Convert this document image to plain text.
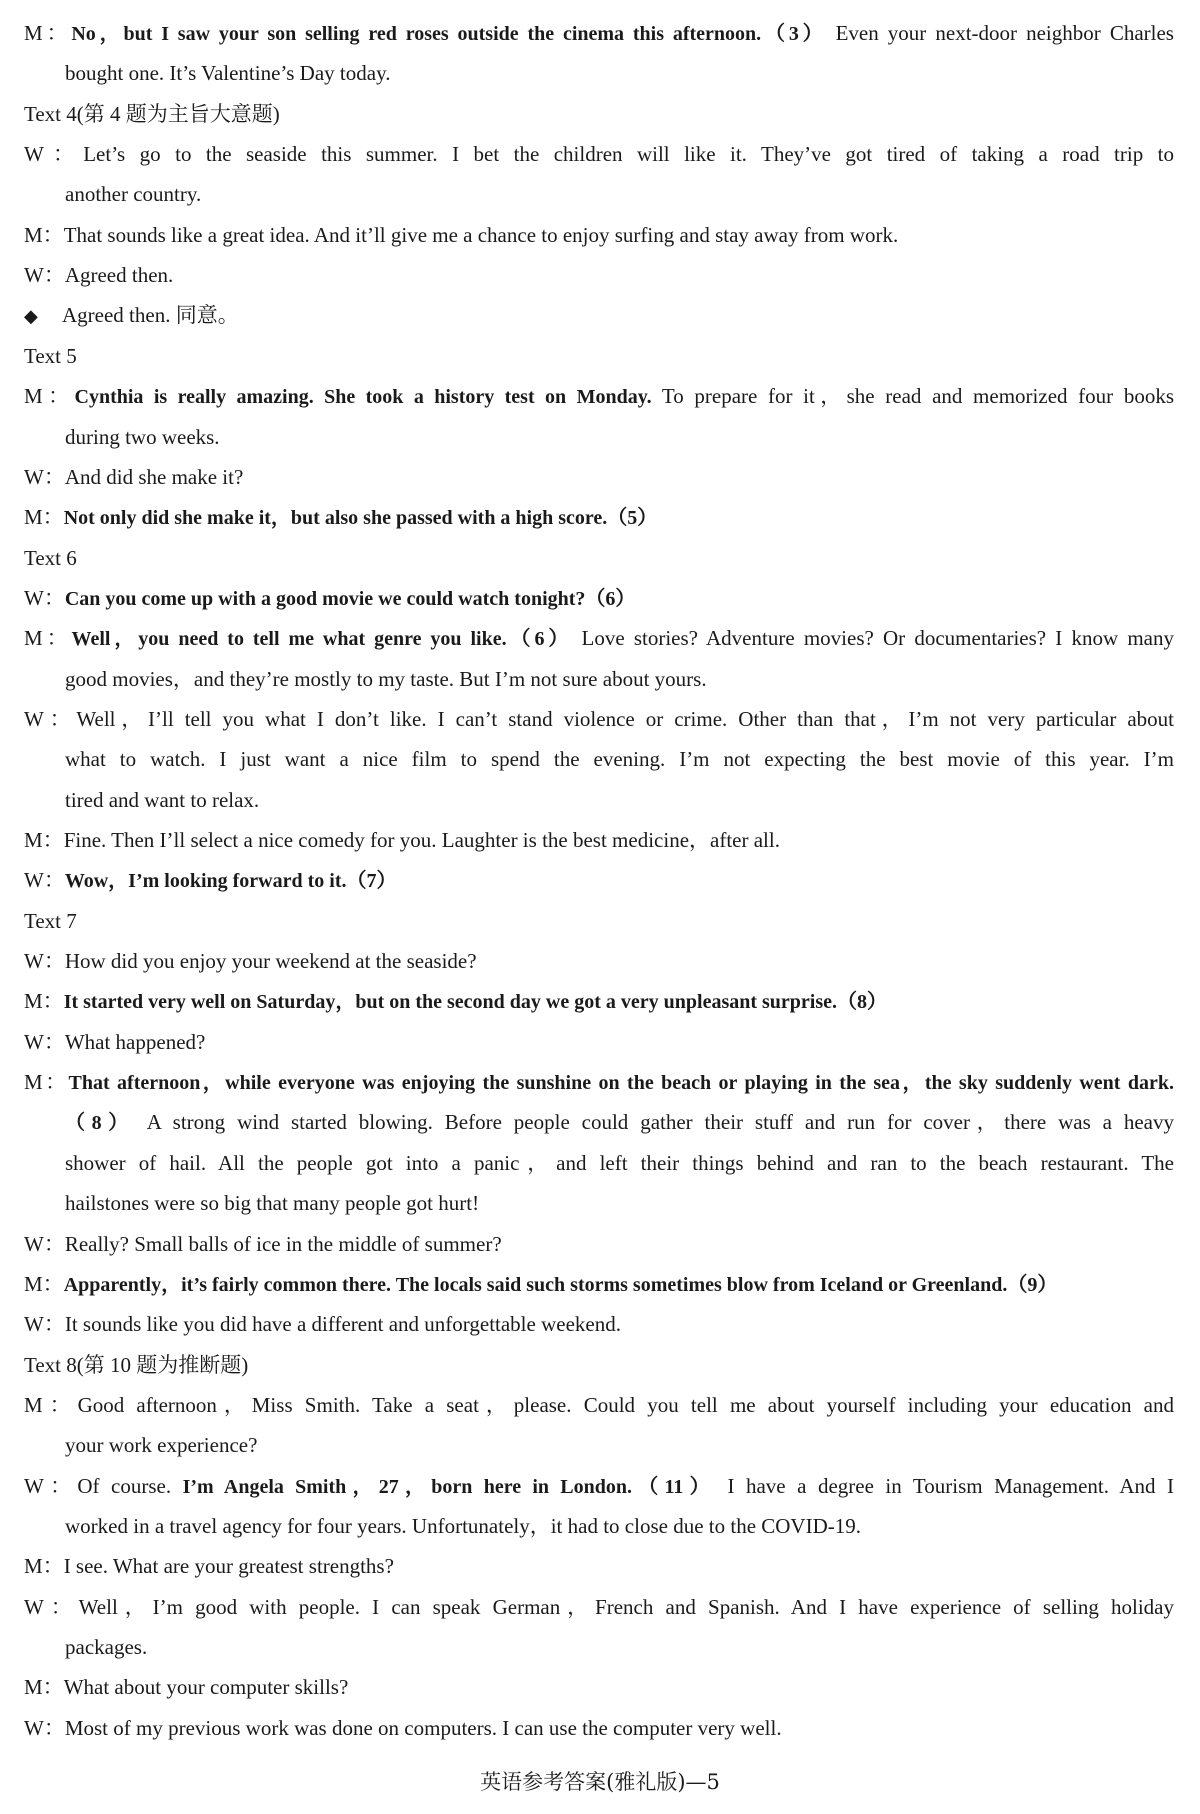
M：No，but I saw your son selling red roses outside the cinema this afternoon.（3） Even your next-door neighbor Charles
bought one. It’s Valentine’s Day today.
Text 4(第 4 题为主旨大意题)
W：Let’s go to the seaside this summer. I bet the children will like it. They’ve got tired of taking a road trip to
another country.
M：That sounds like a great idea. And it’ll give me a chance to enjoy surfing and stay away from work.
W：Agreed then.
◆ Agreed then. 同意。
Text 5
M：Cynthia is really amazing. She took a history test on Monday. To prepare for it，she read and memorized four books
during two weeks.
W：And did she make it?
M：Not only did she make it，but also she passed with a high score.（5）
Text 6
W：Can you come up with a good movie we could watch tonight?（6）
M：Well，you need to tell me what genre you like.（6） Love stories? Adventure movies? Or documentaries? I know many
good movies，and they’re mostly to my taste. But I’m not sure about yours.
W：Well，I’ll tell you what I don’t like. I can’t stand violence or crime. Other than that，I’m not very particular about
what to watch. I just want a nice film to spend the evening. I’m not expecting the best movie of this year. I’m
tired and want to relax.
M：Fine. Then I’ll select a nice comedy for you. Laughter is the best medicine，after all.
W：Wow，I’m looking forward to it.（7）
Text 7
W：How did you enjoy your weekend at the seaside?
M：It started very well on Saturday，but on the second day we got a very unpleasant surprise.（8）
W：What happened?
M：That afternoon，while everyone was enjoying the sunshine on the beach or playing in the sea，the sky suddenly went dark.
（8） A strong wind started blowing. Before people could gather their stuff and run for cover，there was a heavy
shower of hail. All the people got into a panic，and left their things behind and ran to the beach restaurant. The
hailstones were so big that many people got hurt!
W：Really? Small balls of ice in the middle of summer?
M：Apparently，it’s fairly common there. The locals said such storms sometimes blow from Iceland or Greenland.（9）
W：It sounds like you did have a different and unforgettable weekend.
Text 8(第 10 题为推断题)
M：Good afternoon，Miss Smith. Take a seat，please. Could you tell me about yourself including your education and
your work experience?
W：Of course. I’m Angela Smith，27，born here in London.（11） I have a degree in Tourism Management. And I
worked in a travel agency for four years. Unfortunately，it had to close due to the COVID-19.
M：I see. What are your greatest strengths?
W：Well，I’m good with people. I can speak German，French and Spanish. And I have experience of selling holiday
packages.
M：What about your computer skills?
W：Most of my previous work was done on computers. I can use the computer very well.
英语参考答案(雅礼版)—5
